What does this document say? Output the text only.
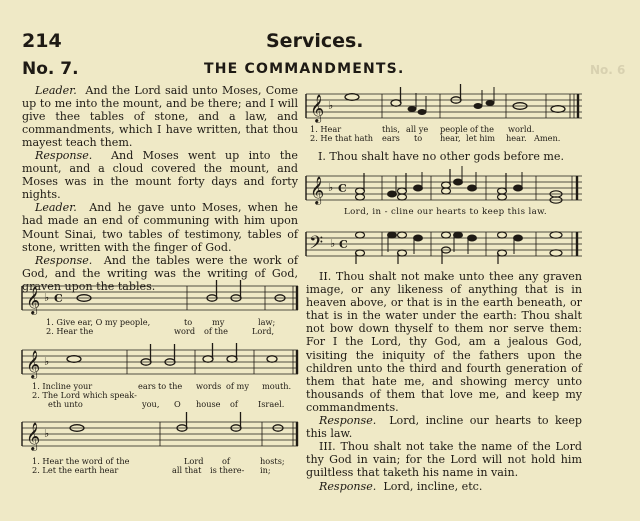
No. 6
214	Services.
No. 7.	THE COMMANDMENTS.

Leader. And the Lord said unto Moses, Come up to me into the mount, and be there; and I will give thee tables of stone, and a law, and commandments, which I have written, that thou mayest teach them.

Response. And Moses went up into the mount, and a cloud covered the mount, and Moses was in the mount forty days and forty nights.

Leader. And he gave unto Moses, when he had made an end of communing with him upon Mount Sinai, two tables of testimony, tables of stone, written with the finger of God.

Response. And the tables were the work of God, and the writing was the writing of God, graven upon the tables.

𝄞 ♭ C
1. Give ear, O my people,	to my	law;
2. Hear the	word of the	Lord,
𝄞 ♭
1. Incline your	ears to the words of my mouth.
2. The Lord which speak-
eth unto	you, O house of Israel.
𝄞 ♭
1. Hear the word of the	Lord of	hosts;
2. Let the earth hear	all that is there- in;
𝄞 ♭
1. Hear	this, all ye people of the world.
2. He that hath ears to hear, let him hear. Amen.
I. Thou shalt have no other gods before me.
𝄞 ♭ C
Lord, in - cline our hearts to keep this law.
𝄢 ♭ C

II. Thou shalt not make unto thee any graven image, or any likeness of anything that is in heaven above, or that is in the earth beneath, or that is in the water under the earth: Thou shalt not bow down thyself to them nor serve them: For I the Lord, thy God, am a jealous God, visiting the iniquity of the fathers upon the children unto the third and fourth generation of them that hate me, and showing mercy unto thousands of them that love me, and keep my commandments.

Response. Lord, incline our hearts to keep this law.

III. Thou shalt not take the name of the Lord thy God in vain; for the Lord will not hold him guiltless that taketh his name in vain.

Response. Lord, incline, etc.
